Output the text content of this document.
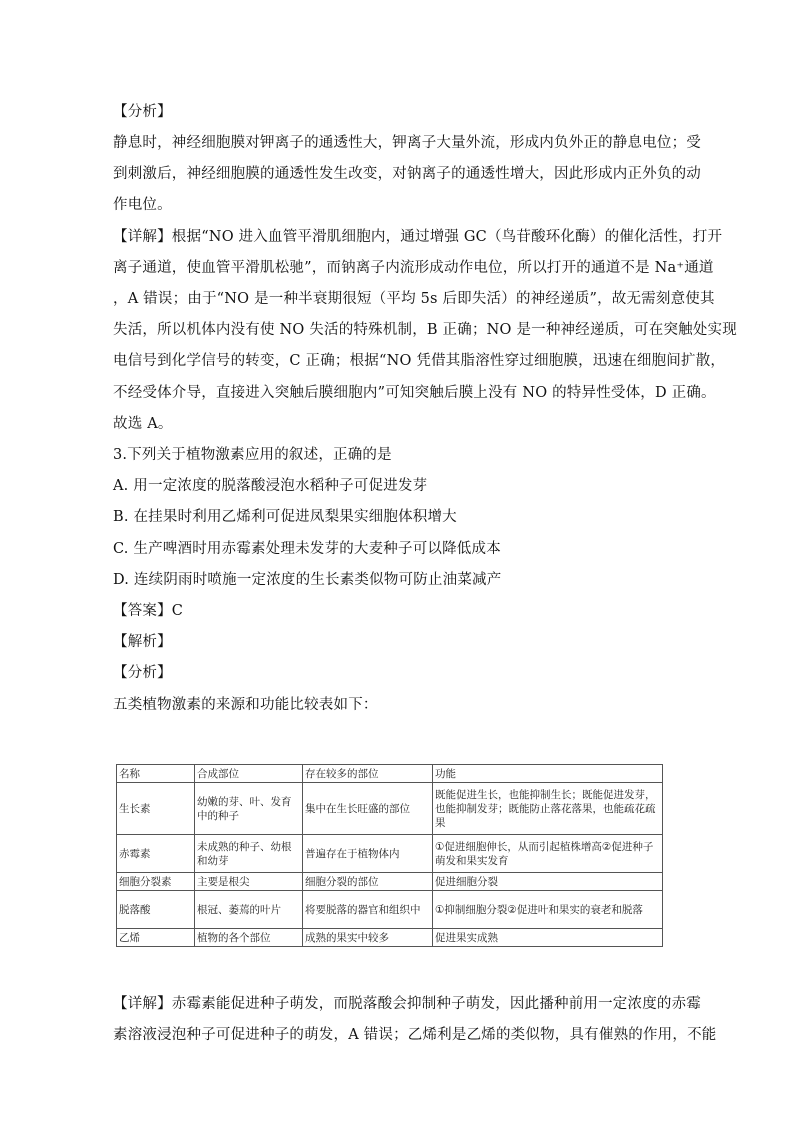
【分析】
静息时，神经细胞膜对钾离子的通透性大，钾离子大量外流，形成内负外正的静息电位；受
到刺激后，神经细胞膜的通透性发生改变，对钠离子的通透性增大，因此形成内正外负的动
作电位。
【详解】根据“NO 进入血管平滑肌细胞内，通过增强 GC（鸟苷酸环化酶）的催化活性，打开
离子通道，使血管平滑肌松驰”，而钠离子内流形成动作电位，所以打开的通道不是 Na⁺通道
，A 错误；由于“NO 是一种半衰期很短（平均 5s 后即失活）的神经递质”，故无需刻意使其
失活，所以机体内没有使 NO 失活的特殊机制，B 正确；NO 是一种神经递质，可在突触处实现
电信号到化学信号的转变，C 正确；根据“NO 凭借其脂溶性穿过细胞膜，迅速在细胞间扩散，
不经受体介导，直接进入突触后膜细胞内”可知突触后膜上没有 NO 的特异性受体，D 正确。
故选 A。
3.下列关于植物激素应用的叙述，正确的是
A. 用一定浓度的脱落酸浸泡水稻种子可促进发芽
B. 在挂果时利用乙烯利可促进凤梨果实细胞体积增大
C. 生产啤酒时用赤霉素处理未发芽的大麦种子可以降低成本
D. 连续阴雨时喷施一定浓度的生长素类似物可防止油菜减产
【答案】C
【解析】
【分析】
五类植物激素的来源和功能比较表如下：
名称	合成部位	存在较多的部位	功能
生长素	幼嫩的芽、叶、发育中的种子	集中在生长旺盛的部位	既能促进生长，也能抑制生长；既能促进发芽，也能抑制发芽；既能防止落花落果，也能疏花疏果
赤霉素	未成熟的种子、幼根和幼芽	普遍存在于植物体内	①促进细胞伸长，从而引起植株增高②促进种子萌发和果实发育
细胞分裂素	主要是根尖	细胞分裂的部位	促进细胞分裂
脱落酸	根冠、萎蔫的叶片	将要脱落的器官和组织中	①抑制细胞分裂②促进叶和果实的衰老和脱落
乙烯	植物的各个部位	成熟的果实中较多	促进果实成熟
【详解】赤霉素能促进种子萌发，而脱落酸会抑制种子萌发，因此播种前用一定浓度的赤霉
素溶液浸泡种子可促进种子的萌发，A 错误；乙烯利是乙烯的类似物，具有催熟的作用，不能
